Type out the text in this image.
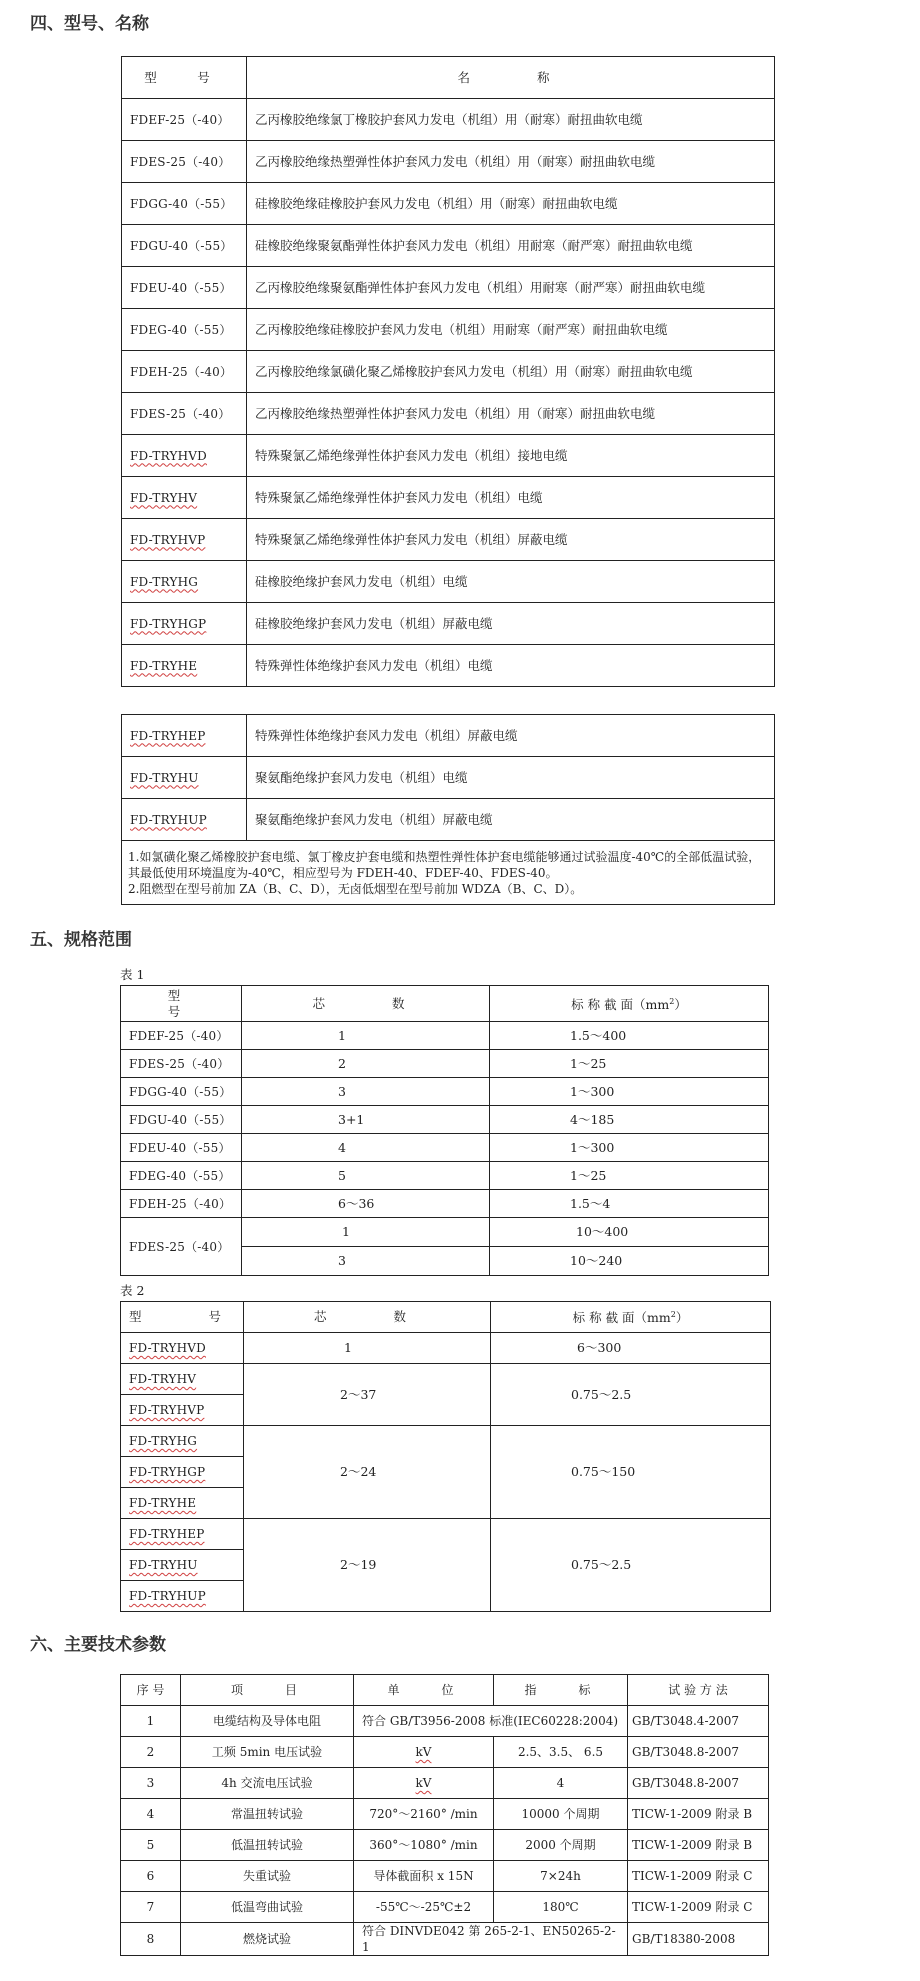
四、型号、名称
型　号	名　　称
FDEF-25（-40）	乙丙橡胶绝缘氯丁橡胶护套风力发电（机组）用（耐寒）耐扭曲软电缆
FDES-25（-40）	乙丙橡胶绝缘热塑弹性体护套风力发电（机组）用（耐寒）耐扭曲软电缆
FDGG-40（-55）	硅橡胶绝缘硅橡胶护套风力发电（机组）用（耐寒）耐扭曲软电缆
FDGU-40（-55）	硅橡胶绝缘聚氨酯弹性体护套风力发电（机组）用耐寒（耐严寒）耐扭曲软电缆
FDEU-40（-55）	乙丙橡胶绝缘聚氨酯弹性体护套风力发电（机组）用耐寒（耐严寒）耐扭曲软电缆
FDEG-40（-55）	乙丙橡胶绝缘硅橡胶护套风力发电（机组）用耐寒（耐严寒）耐扭曲软电缆
FDEH-25（-40）	乙丙橡胶绝缘氯磺化聚乙烯橡胶护套风力发电（机组）用（耐寒）耐扭曲软电缆
FDES-25（-40）	乙丙橡胶绝缘热塑弹性体护套风力发电（机组）用（耐寒）耐扭曲软电缆
FD-TRYHVD	特殊聚氯乙烯绝缘弹性体护套风力发电（机组）接地电缆
FD-TRYHV	特殊聚氯乙烯绝缘弹性体护套风力发电（机组）电缆
FD-TRYHVP	特殊聚氯乙烯绝缘弹性体护套风力发电（机组）屏蔽电缆
FD-TRYHG	硅橡胶绝缘护套风力发电（机组）电缆
FD-TRYHGP	硅橡胶绝缘护套风力发电（机组）屏蔽电缆
FD-TRYHE	特殊弹性体绝缘护套风力发电（机组）电缆
FD-TRYHEP	特殊弹性体绝缘护套风力发电（机组）屏蔽电缆
FD-TRYHU	聚氨酯绝缘护套风力发电（机组）电缆
FD-TRYHUP	聚氨酯绝缘护套风力发电（机组）屏蔽电缆

1.如氯磺化聚乙烯橡胶护套电缆、氯丁橡皮护套电缆和热塑性弹性体护套电缆能够通过试验温度-40℃的全部低温试验，其最低使用环境温度为-40℃，相应型号为 FDEH-40、FDEF-40、FDES-40。
2.阻燃型在型号前加 ZA（B、C、D），无卤低烟型在型号前加 WDZA（B、C、D）。	
五、规格范围
表 1
型　　号	芯　　数	标 称 截 面$(mm^2)$
FDEF-25（-40）	1	1.5～400
FDES-25（-40）	2	1～25
FDGG-40（-55）	3	1～300
FDGU-40（-55）	3+1	4～185
FDEU-40（-55）	4	1～300
FDEG-40（-55）	5	1～25
FDEH-25（-40）	6～36	1.5～4
FDES-25（-40）	1	10～400
	3	10～240
表 2
型　　号	芯　　数	标 称 截 面$(mm^2)$
FD-TRYHVD	1	6～300
FD-TRYHV	2～37	0.75～2.5
FD-TRYHVP		
FD-TRYHG	2～24	0.75～150
FD-TRYHGP		
FD-TRYHE		
FD-TRYHEP	2～19	0.75～2.5
FD-TRYHU		
FD-TRYHUP		
六、主要技术参数
序 号	项　　目	单　　位	指　　标	试 验 方 法
1	电缆结构及导体电阻	符合 GB/T3956-2008 标准(IEC60228:2004)		GB/T3048.4-2007
2	工频 5min 电压试验	kV	2.5、3.5、 6.5	GB/T3048.8-2007
3	4h 交流电压试验	kV	4	GB/T3048.8-2007
4	常温扭转试验	720°～2160° /min	10000 个周期	TICW-1-2009 附录 B
5	低温扭转试验	360°～1080° /min	2000 个周期	TICW-1-2009 附录 B
6	失重试验	导体截面积 x 15N	7×24h	TICW-1-2009 附录 C
7	低温弯曲试验	-55℃～-25℃±2	180℃	TICW-1-2009 附录 C
8	燃烧试验	符合 DINVDE042 第 265-2-1、EN50265-2-1		GB/T18380-2008
